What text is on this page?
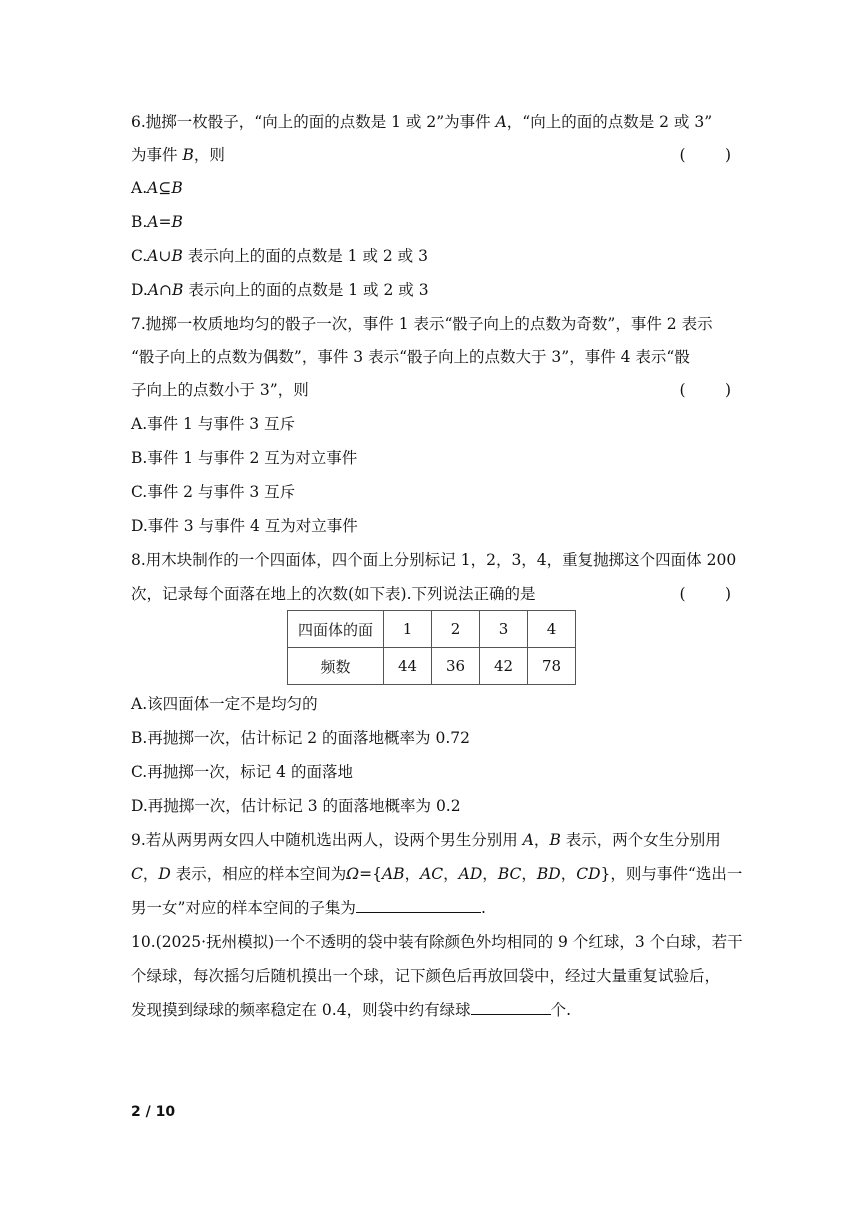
6.抛掷一枚骰子，“向上的面的点数是 1 或 2”为事件 A，“向上的面的点数是 2 或 3”
为事件 B，则	(        )
A.A⊆B
B.A=B
C.A∪B 表示向上的面的点数是 1 或 2 或 3
D.A∩B 表示向上的面的点数是 1 或 2 或 3
7.抛掷一枚质地均匀的骰子一次，事件 1 表示“骰子向上的点数为奇数”，事件 2 表示
“骰子向上的点数为偶数”，事件 3 表示“骰子向上的点数大于 3”，事件 4 表示“骰
子向上的点数小于 3”，则	(        )
A.事件 1 与事件 3 互斥
B.事件 1 与事件 2 互为对立事件
C.事件 2 与事件 3 互斥
D.事件 3 与事件 4 互为对立事件
8.用木块制作的一个四面体，四个面上分别标记 1，2，3，4，重复抛掷这个四面体 200
次，记录每个面落在地上的次数(如下表).下列说法正确的是	(        )
四面体的面	1	2	3	4
频数	44	36	42	78
A.该四面体一定不是均匀的
B.再抛掷一次，估计标记 2 的面落地概率为 0.72
C.再抛掷一次，标记 4 的面落地
D.再抛掷一次，估计标记 3 的面落地概率为 0.2
9.若从两男两女四人中随机选出两人，设两个男生分别用 A，B 表示，两个女生分别用
C，D 表示，相应的样本空间为Ω={AB，AC，AD，BC，BD，CD}，则与事件“选出一
男一女”对应的样本空间的子集为	.
10.(2025·抚州模拟)一个不透明的袋中装有除颜色外均相同的 9 个红球，3 个白球，若干
个绿球，每次摇匀后随机摸出一个球，记下颜色后再放回袋中，经过大量重复试验后，
发现摸到绿球的频率稳定在 0.4，则袋中约有绿球	个.
2 / 10
